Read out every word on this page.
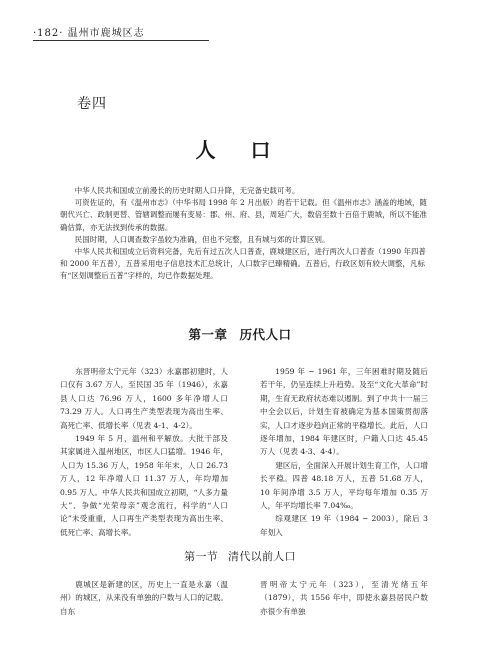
·182· 温州市鹿城区志
卷四
人 口

中华人民共和国成立前漫长的历史时期人口升降，无完备史载可考。

可资佐证的，有《温州市志》（中华书局 1998 年 2 月出版）的若干记载。但《温州市志》涵盖的地域，随朝代兴亡、政制更替、管辖调整而屡有变易：郡、州、府、县，周延广大，数倍至数十百倍于鹿城，所以不能准确估算，亦无法找到传承的数据。

民国时期，人口调查数字虽较为准确，但也不完整，且有城与郊的计算区别。

中华人民共和国成立后资料完备，先后有过五次人口普查，鹿城建区后，进行两次人口普查（1990 年四普和 2000 年五普），五普采用电子信息技术汇总统计，人口数字已臻精确。五普后，行政区划有较大调整，凡标有“区划调整后五普”字样的，均已作数据处理。

第一章 历代人口

东晋明帝太宁元年（323）永嘉郡初建时，人口仅有 3.67 万人，至民国 35 年（1946），永嘉县人口达 76.96 万人，1600 多年净增人口 73.29 万人。人口再生产类型表现为高出生率、高死亡率、低增长率（见表 4-1、4-2）。

1949 年 5 月，温州和平解放。大批干部及其家属进入温州地区，市区人口猛增。1946 年，人口为 15.36 万人，1958 年年末，人口 26.73 万人，12 年净增人口 11.37 万人，年均增加 0.95 万人。中华人民共和国成立初期，“人多力量大”、争做“光荣母亲”观念流行，科学的“人口论”未受重重，人口再生产类型表现为高出生率、低死亡率、高增长率。

1959 年 ~ 1961 年，三年困难时期及随后若干年，仍呈连续上升趋势。及至“文化大革命”时期，生育无政府状态难以遏制。到了中共十一届三中全会以后，计划生育被确定为基本国策贯彻落实，人口才逐步趋向正常的平稳增长。此后，人口逐年增加，1984 年建区时，户籍人口达 45.45 万人（见表 4-3、4-4）。

建区后，全面深入开展计划生育工作，人口增长平稳。四普 48.18 万人，五普 51.68 万人，10 年间净增 3.5 万人，平均每年增加 0.35 万人，年平均增长率 7.04‰。

综观建区 19 年（1984 ~ 2003），除后 3 年划入

第一节 清代以前人口

鹿城区是新建的区，历史上一直是永嘉（温州）的城区，从来没有单独的户数与人口的记载。自东

晋明帝太宁元年（323），至清光绪五年（1879），共 1556 年中，即使永嘉县居民户数亦很少有单独
